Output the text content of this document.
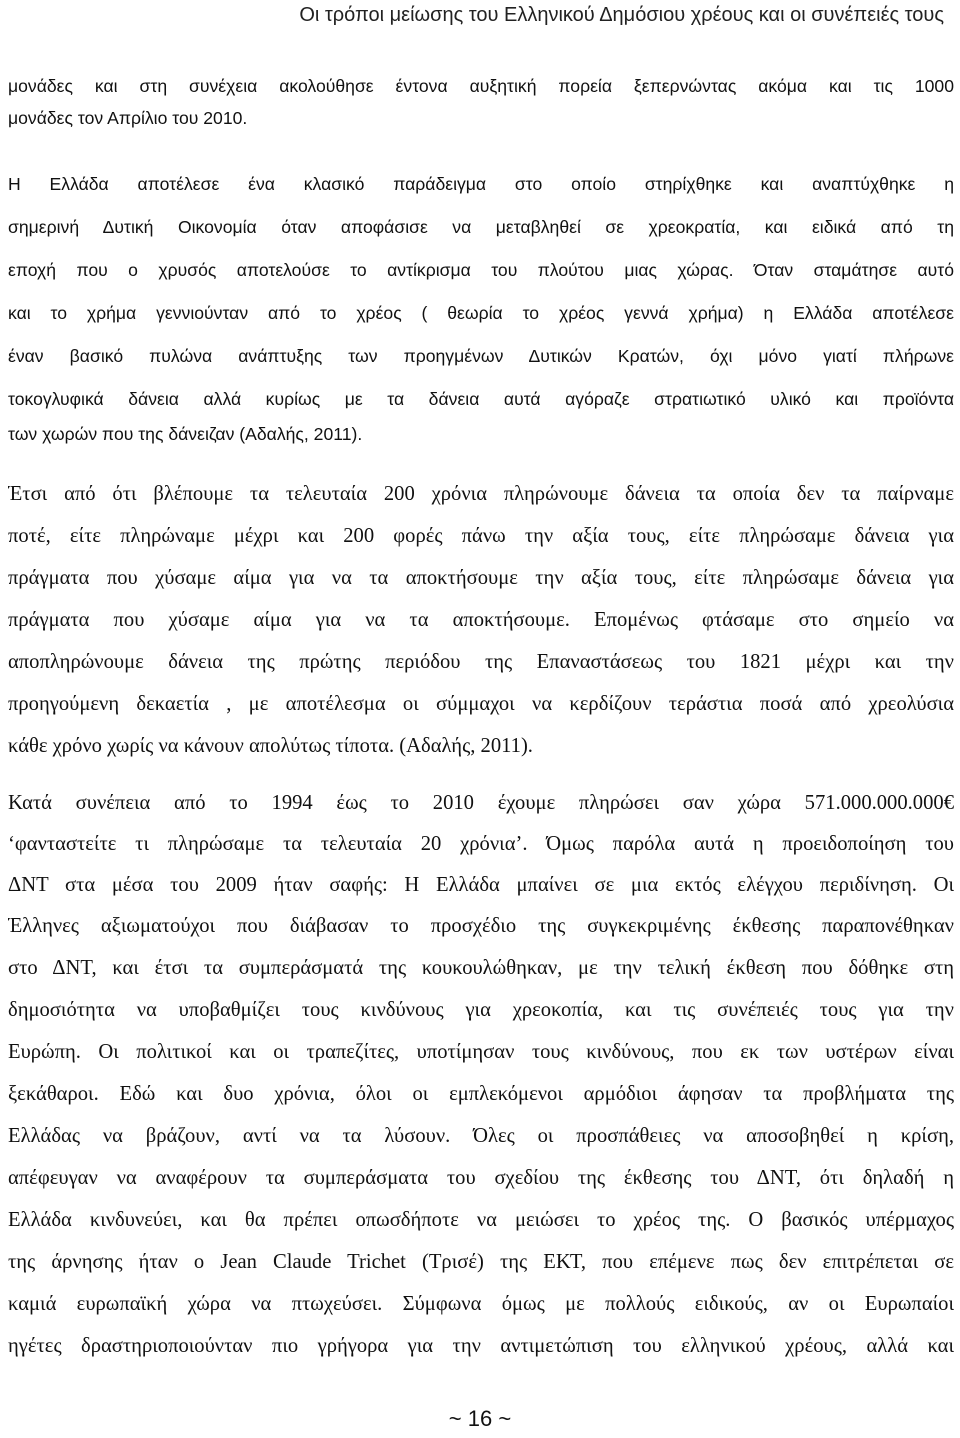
Οι τρόποι μείωσης του Ελληνικού Δημόσιου χρέους και οι συνέπειές τους
μονάδες και στη συνέχεια ακολούθησε έντονα αυξητική πορεία ξεπερνώντας ακόμα και τις 1000
μονάδες τον Απρίλιο του 2010.
Η Ελλάδα αποτέλεσε ένα κλασικό παράδειγμα στο οποίο στηρίχθηκε και αναπτύχθηκε η
σημερινή Δυτική Οικονομία όταν αποφάσισε να μεταβληθεί σε χρεοκρατία, και ειδικά από τη
εποχή που ο χρυσός αποτελούσε το αντίκρισμα του πλούτου μιας χώρας. Όταν σταμάτησε αυτό
και το χρήμα γεννιούνταν από το χρέος ( θεωρία το χρέος γεννά χρήμα) η Ελλάδα αποτέλεσε
έναν βασικό πυλώνα ανάπτυξης των προηγμένων Δυτικών Κρατών, όχι μόνο γιατί πλήρωνε
τοκογλυφικά δάνεια αλλά κυρίως με τα δάνεια αυτά αγόραζε στρατιωτικό υλικό και προϊόντα
των χωρών που της δάνειζαν (Αδαλής, 2011).
Έτσι από ότι βλέπουμε τα τελευταία 200 χρόνια πληρώνουμε δάνεια τα οποία δεν τα παίρναμε
ποτέ, είτε πληρώναμε μέχρι και 200 φορές πάνω την αξία τους, είτε πληρώσαμε δάνεια για
πράγματα που χύσαμε αίμα για να τα αποκτήσουμε την αξία τους, είτε πληρώσαμε δάνεια για
πράγματα που χύσαμε αίμα για να τα αποκτήσουμε. Επομένως φτάσαμε στο σημείο να
αποπληρώνουμε δάνεια της πρώτης περιόδου της Επαναστάσεως του 1821 μέχρι και την
προηγούμενη δεκαετία , με αποτέλεσμα οι σύμμαχοι να κερδίζουν τεράστια ποσά από χρεολύσια
κάθε χρόνο χωρίς να κάνουν απολύτως τίποτα. (Αδαλής, 2011).
Κατά συνέπεια από το 1994 έως το 2010 έχουμε πληρώσει σαν χώρα 571.000.000.000€
‘φανταστείτε τι πληρώσαμε τα τελευταία 20 χρόνια’. Όμως παρόλα αυτά η προειδοποίηση του
ΔΝΤ στα μέσα του 2009 ήταν σαφής: Η Ελλάδα μπαίνει σε μια εκτός ελέγχου περιδίνηση. Οι
Έλληνες αξιωματούχοι που διάβασαν το προσχέδιο της συγκεκριμένης έκθεσης παραπονέθηκαν
στο ΔΝΤ, και έτσι τα συμπεράσματά της κουκουλώθηκαν, με την τελική έκθεση που δόθηκε στη
δημοσιότητα να υποβαθμίζει τους κινδύνους για χρεοκοπία, και τις συνέπειές τους για την
Ευρώπη. Οι πολιτικοί και οι τραπεζίτες, υποτίμησαν τους κινδύνους, που εκ των υστέρων είναι
ξεκάθαροι. Εδώ και δυο χρόνια, όλοι οι εμπλεκόμενοι αρμόδιοι άφησαν τα προβλήματα της
Ελλάδας να βράζουν, αντί να τα λύσουν. Όλες οι προσπάθειες να αποσοβηθεί η κρίση,
απέφευγαν να αναφέρουν τα συμπεράσματα του σχεδίου της έκθεσης του ΔΝΤ, ότι δηλαδή η
Ελλάδα κινδυνεύει, και θα πρέπει οπωσδήποτε να μειώσει το χρέος της. Ο βασικός υπέρμαχος
της άρνησης ήταν ο Jean Claude Trichet (Τρισέ) της ΕΚΤ, που επέμενε πως δεν επιτρέπεται σε
καμιά ευρωπαϊκή χώρα να πτωχεύσει. Σύμφωνα όμως με πολλούς ειδικούς, αν οι Ευρωπαίοι
ηγέτες δραστηριοποιούνταν πιο γρήγορα για την αντιμετώπιση του ελληνικού χρέους, αλλά και
~ 16 ~
